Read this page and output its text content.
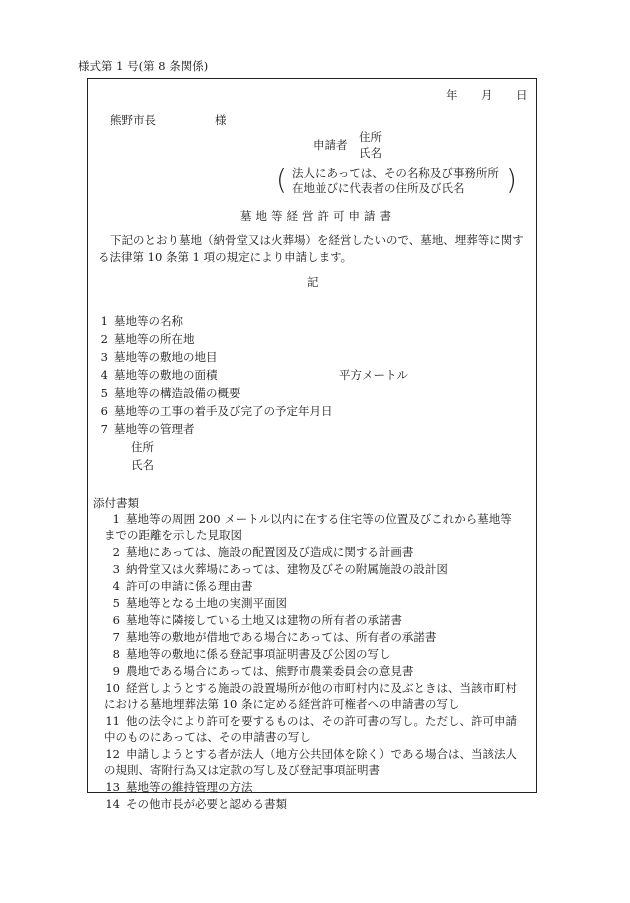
様式第 1 号(第 8 条関係)
年 月 日
熊野市長	様
申請者
住所
氏名
( 法人にあっては、その名称及び事務所所
在地並びに代表者の住所及び氏名 )
墓地等経営許可申請書
下記のとおり墓地（納骨堂又は火葬場）を経営したいので、墓地、埋葬等に関す
る法律第 10 条第 1 項の規定により申請します。
記
1 墓地等の名称
2 墓地等の所在地
3 墓地等の敷地の地目
4 墓地等の敷地の面積	平方メートル
5 墓地等の構造設備の概要
6 墓地等の工事の着手及び完了の予定年月日
7 墓地等の管理者
住所
氏名
添付書類
1 墓地等の周囲 200 メートル以内に在する住宅等の位置及びこれから墓地等
までの距離を示した見取図
2 墓地にあっては、施設の配置図及び造成に関する計画書
3 納骨堂又は火葬場にあっては、建物及びその附属施設の設計図
4 許可の申請に係る理由書
5 墓地等となる土地の実測平面図
6 墓地等に隣接している土地又は建物の所有者の承諾書
7 墓地等の敷地が借地である場合にあっては、所有者の承諾書
8 墓地等の敷地に係る登記事項証明書及び公図の写し
9 農地である場合にあっては、熊野市農業委員会の意見書
10 経営しようとする施設の設置場所が他の市町村内に及ぶときは、当該市町村
における墓地埋葬法第 10 条に定める経営許可権者への申請書の写し
11 他の法令により許可を要するものは、その許可書の写し。ただし、許可申請
中のものにあっては、その申請書の写し
12 申請しようとする者が法人（地方公共団体を除く）である場合は、当該法人
の規則、寄附行為又は定款の写し及び登記事項証明書
13 墓地等の維持管理の方法
14 その他市長が必要と認める書類
